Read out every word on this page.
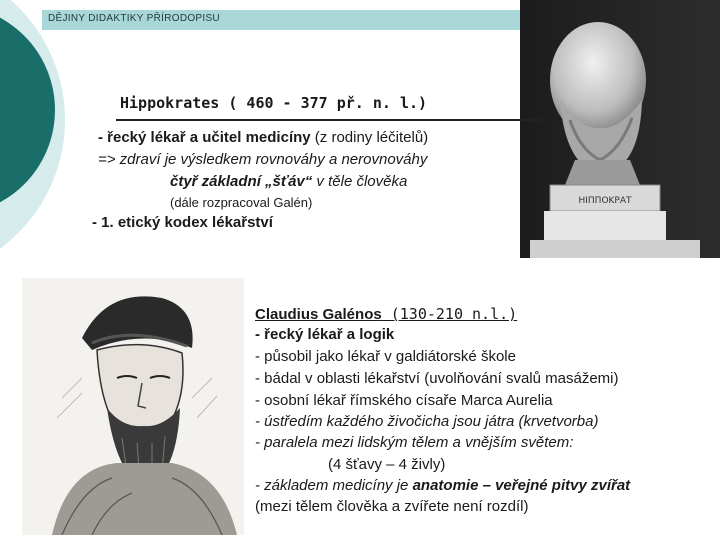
DĚJINY DIDAKTIKY PŘÍRODOPISU
ΗΙΠΠΟΚΡΑΤ
Hippokrates ( 460 - 377 př. n. l.)
- řecký lékař a učitel medicíny (z rodiny léčitelů)
=> zdraví je výsledkem rovnováhy a nerovnováhy
čtyř základní „šťáv“ v těle člověka
(dále rozpracoval Galén)
- 1. etický kodex lékařství
Claudius Galénos (130-210 n.l.)
- řecký lékař a logik
- působil jako lékař v galdiátorské škole
- bádal v oblasti lékařství (uvolňování svalů masážemi)
- osobní lékař římského císaře Marca Aurelia
- ústředím každého živočicha jsou játra (krvetvorba)
- paralela mezi lidským tělem a vnějším světem:
(4 šťavy – 4 živly)
- základem medicíny je anatomie – veřejné pitvy zvířat
(mezi tělem člověka a zvířete není rozdíl)
